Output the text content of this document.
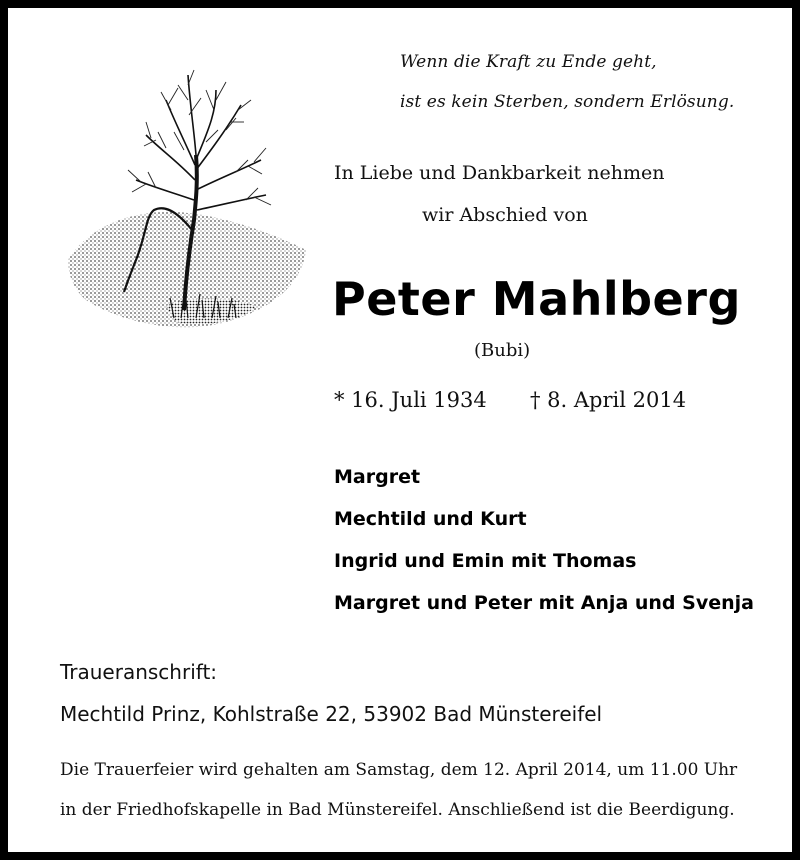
Wenn die Kraft zu Ende geht,
ist es kein Sterben, sondern Erlösung.
In Liebe und Dankbarkeit nehmen
wir Abschied von
Peter Mahlberg
(Bubi)
* 16. Juli 1934 † 8. April 2014
Margret
Mechtild und Kurt
Ingrid und Emin mit Thomas
Margret und Peter mit Anja und Svenja
Traueranschrift:
Mechtild Prinz, Kohlstraße 22, 53902 Bad Münstereifel
Die Trauerfeier wird gehalten am Samstag, dem 12. April 2014, um 11.00 Uhr
in der Friedhofskapelle in Bad Münstereifel. Anschließend ist die Beerdigung.
